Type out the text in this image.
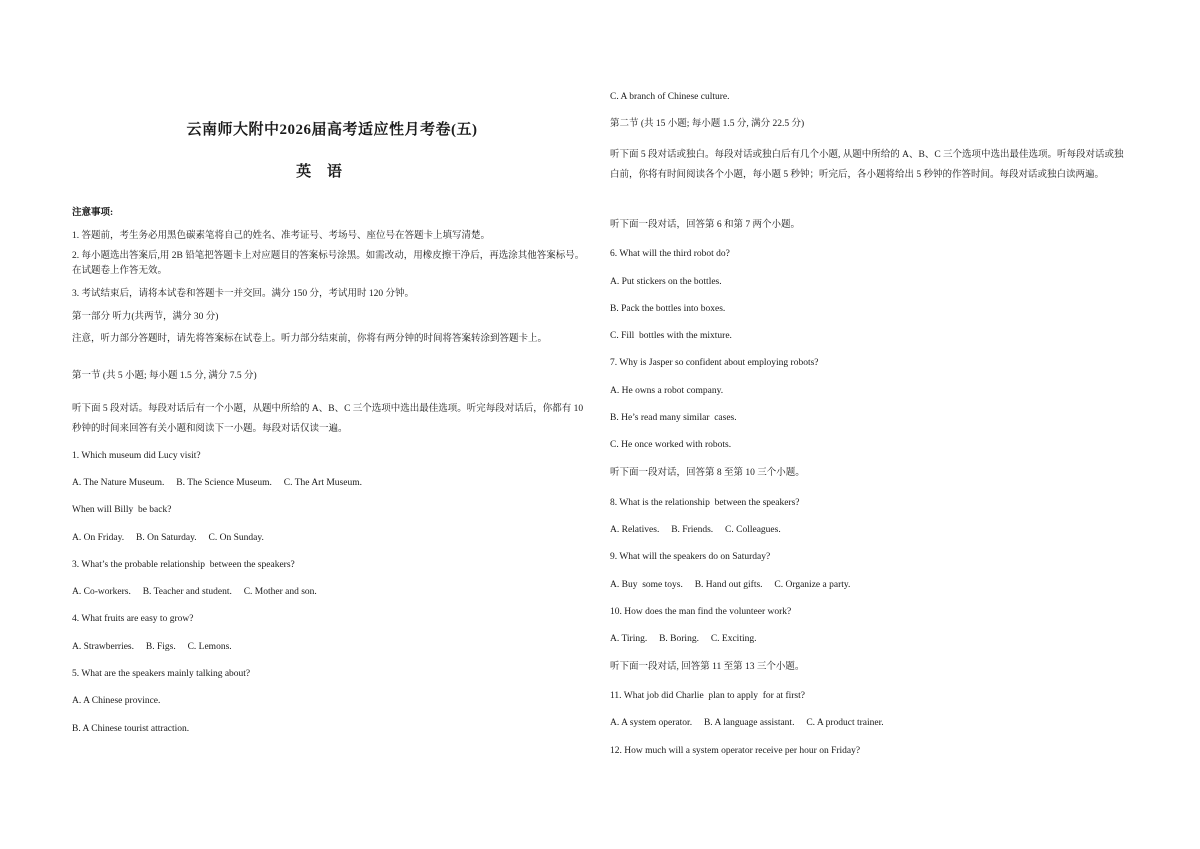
云南师大附中2026届高考适应性月考卷(五)
英 语
注意事项:
1. 答题前，考生务必用黑色碳素笔将自己的姓名、准考证号、考场号、座位号在答题卡上填写清楚。
2. 每小题选出答案后,用 2B 铅笔把答题卡上对应题目的答案标号涂黑。如需改动，用橡皮擦干净后，再选涂其他答案标号。在试题卷上作答无效。
3. 考试结束后，请将本试卷和答题卡一并交回。满分 150 分，考试用时 120 分钟。
第一部分 听力(共两节，满分 30 分)
注意，听力部分答题时，请先将答案标在试卷上。听力部分结束前，你将有两分钟的时间将答案转涂到答题卡上。
第一节 (共 5 小题; 每小题 1.5 分, 满分 7.5 分)
听下面 5 段对话。每段对话后有一个小题，从题中所给的 A、B、C 三个选项中选出最佳选项。听完每段对话后，你都有 10 秒钟的时间来回答有关小题和阅读下一小题。每段对话仅读一遍。
1. Which museum did Lucy visit?
A. The Nature Museum.     B. The Science Museum.     C. The Art Museum.
When will Billy  be back?
A. On Friday.     B. On Saturday.     C. On Sunday.
3. What’s the probable relationship  between the speakers?
A. Co-workers.     B. Teacher and student.     C. Mother and son.
4. What fruits are easy to grow?
A. Strawberries.     B. Figs.     C. Lemons.
5. What are the speakers mainly talking about?
A. A Chinese province.
B. A Chinese tourist attraction.
C. A branch of Chinese culture.
第二节 (共 15 小题; 每小题 1.5 分, 满分 22.5 分)
听下面 5 段对话或独白。每段对话或独白后有几个小题, 从题中所给的 A、B、C 三个选项中选出最佳选项。听每段对话或独白前，你将有时间阅读各个小题，每小题 5 秒钟；听完后，各小题将给出 5 秒钟的作答时间。每段对话或独白读两遍。
听下面一段对话，回答第 6 和第 7 两个小题。
6. What will the third robot do?
A. Put stickers on the bottles.
B. Pack the bottles into boxes.
C. Fill  bottles with the mixture.
7. Why is Jasper so confident about employing robots?
A. He owns a robot company.
B. He’s read many similar  cases.
C. He once worked with robots.
听下面一段对话，回答第 8 至第 10 三个小题。
8. What is the relationship  between the speakers?
A. Relatives.     B. Friends.     C. Colleagues.
9. What will the speakers do on Saturday?
A. Buy  some toys.     B. Hand out gifts.     C. Organize a party.
10. How does the man find the volunteer work?
A. Tiring.     B. Boring.     C. Exciting.
听下面一段对话, 回答第 11 至第 13 三个小题。
11. What job did Charlie  plan to apply  for at first?
A. A system operator.     B. A language assistant.     C. A product trainer.
12. How much will a system operator receive per hour on Friday?
